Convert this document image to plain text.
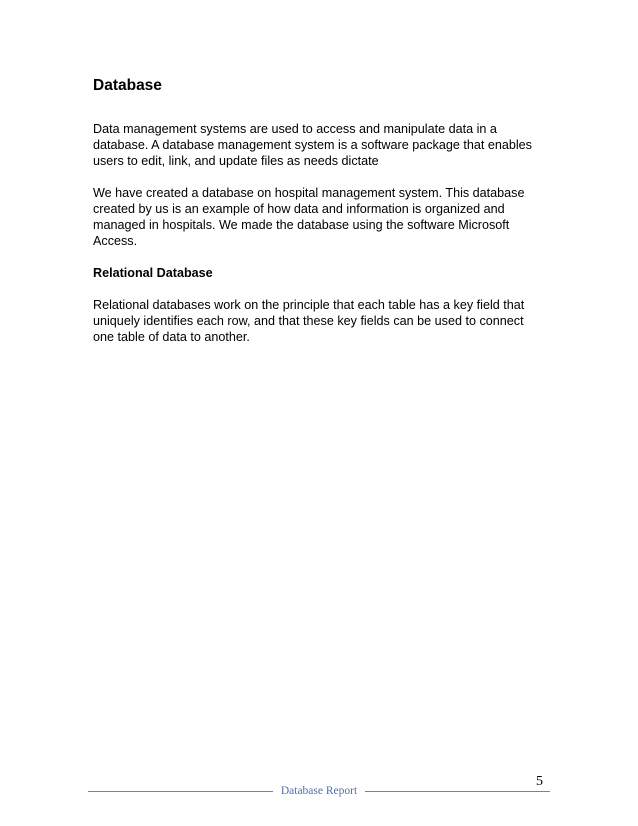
Database

Data management systems are used to access and manipulate data in a database. A database management system is a software package that enables users to edit, link, and update files as needs dictate

We have created a database on hospital management system. This database created by us is an example of how data and information is organized and managed in hospitals. We made the database using the software Microsoft Access.

Relational Database

Relational databases work on the principle that each table has a key field that uniquely identifies each row, and that these key fields can be used to connect one table of data to another.

5
Database Report
